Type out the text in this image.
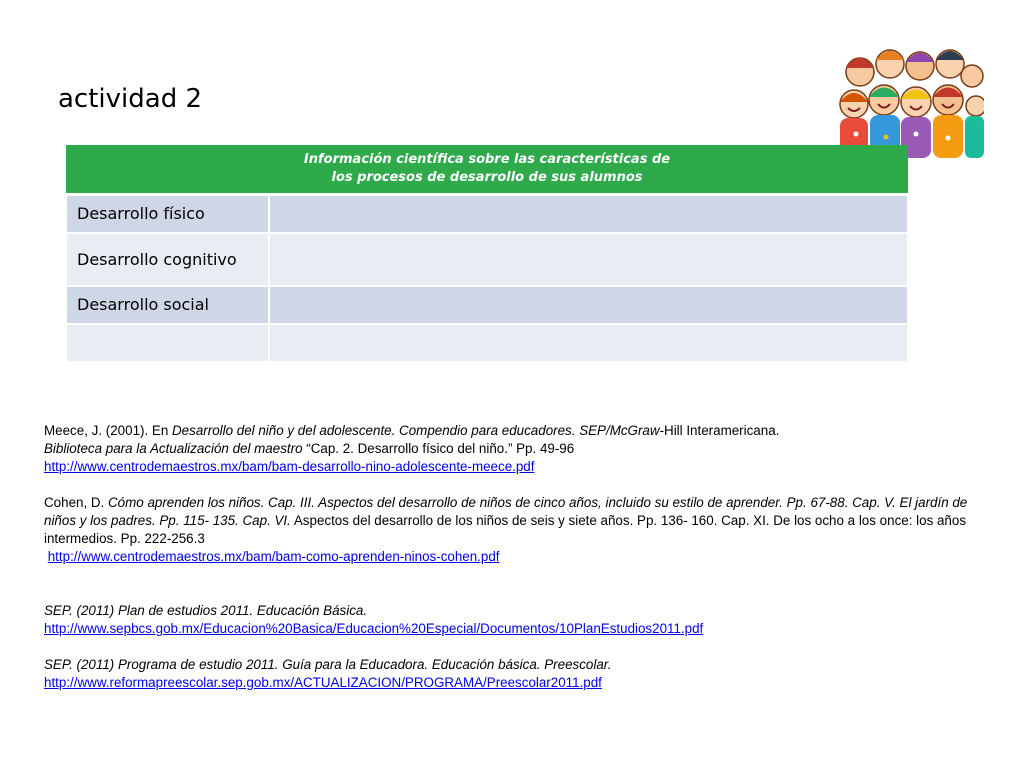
actividad 2
Información científica sobre las características de
los procesos de desarrollo de sus alumnos	
Desarrollo físico	
Desarrollo cognitivo	
Desarrollo social	

Meece, J. (2001). En Desarrollo del niño y del adolescente. Compendio para educadores. SEP/McGraw-Hill Interamericana.
Biblioteca para la Actualización del maestro “Cap. 2. Desarrollo físico del niño.” Pp. 49-96
http://www.centrodemaestros.mx/bam/bam-desarrollo-nino-adolescente-meece.pdf

Cohen, D. Cómo aprenden los niños. Cap. III. Aspectos del desarrollo de niños de cinco años, incluido su estilo de aprender. Pp. 67-88. Cap. V. El jardín de niños y los padres. Pp. 115- 135. Cap. VI. Aspectos del desarrollo de los niños de seis y siete años. Pp. 136- 160. Cap. XI. De los ocho a los once: los años intermedios. Pp. 222-256.3
http://www.centrodemaestros.mx/bam/bam-como-aprenden-ninos-cohen.pdf

SEP. (2011) Plan de estudios 2011. Educación Básica.
http://www.sepbcs.gob.mx/Educacion%20Basica/Educacion%20Especial/Documentos/10PlanEstudios2011.pdf

SEP. (2011) Programa de estudio 2011. Guía para la Educadora. Educación básica. Preescolar.
http://www.reformapreescolar.sep.gob.mx/ACTUALIZACION/PROGRAMA/Preescolar2011.pdf
